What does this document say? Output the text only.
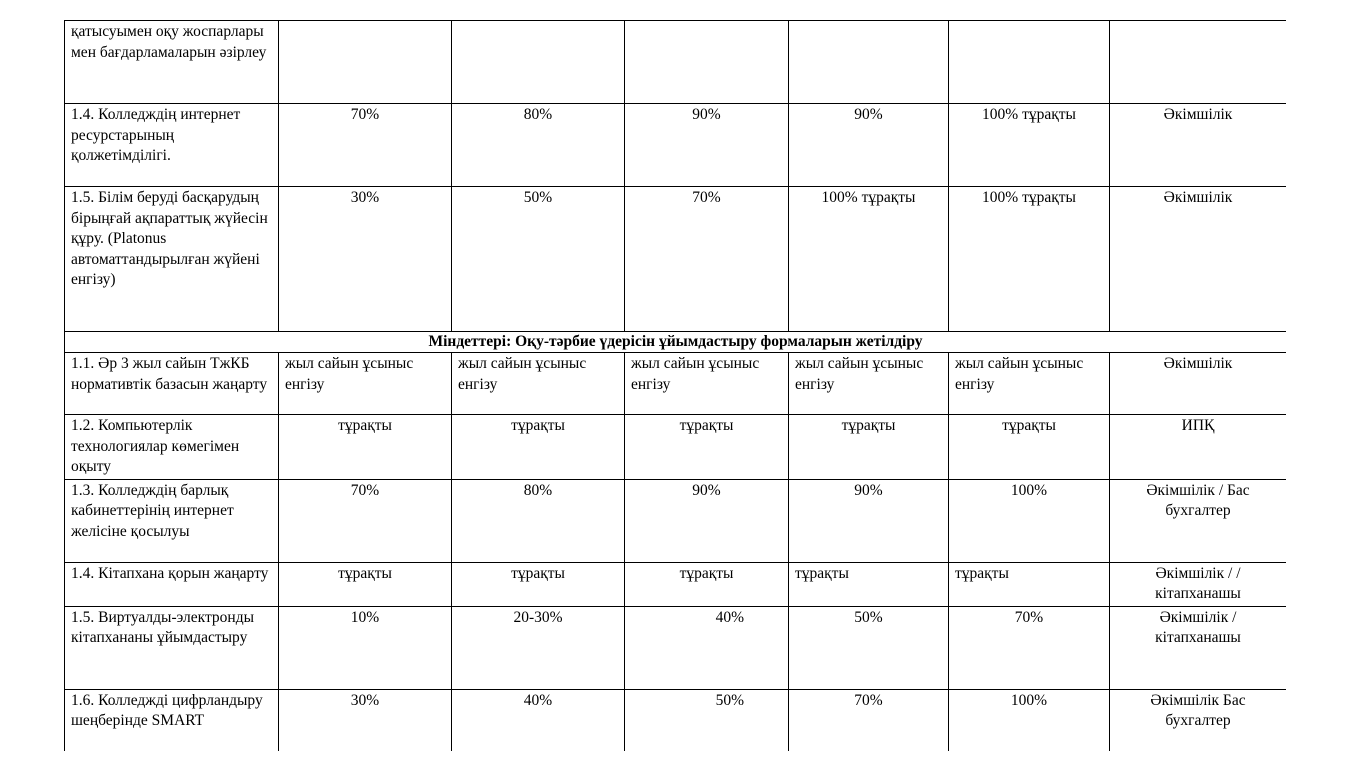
қатысуымен оқу жоспарлары мен бағдарламаларын әзірлеу						
1.4. Колледждің интернет ресурстарының қолжетімділігі.	70%	80%	90%	90%	100% тұрақты	Әкімшілік
1.5. Білім беруді басқарудың бірыңғай ақпараттық жүйесін құру. (Platonus автоматтандырылған жүйені енгізу)	30%	50%	70%	100% тұрақты	100% тұрақты	Әкімшілік
Міндеттері: Оқу-тәрбие үдерісін ұйымдастыру формаларын жетілдіру						
1.1. Әр 3 жыл сайын ТжКБ нормативтік базасын жаңарту	жыл сайын ұсыныс енгізу	жыл сайын ұсыныс енгізу	жыл сайын ұсыныс енгізу	жыл сайын ұсыныс енгізу	жыл сайын ұсыныс енгізу	Әкімшілік
1.2. Компьютерлік технологиялар көмегімен оқыту	тұрақты	тұрақты	тұрақты	тұрақты	тұрақты	ИПҚ
1.3. Колледждің барлық кабинеттерінің интернет желісіне қосылуы	70%	80%	90%	90%	100%	Әкімшілік / Бас бухгалтер
1.4. Кітапхана қорын жаңарту	тұрақты	тұрақты	тұрақты	тұрақты	тұрақты	Әкімшілік / / кітапханашы
1.5. Виртуалды-электронды кітапхананы ұйымдастыру	10%	20-30%	40%	50%	70%	Әкімшілік / кітапханашы
1.6. Колледжді цифрландыру шеңберінде SMART	30%	40%	50%	70%	100%	Әкімшілік Бас бухгалтер
